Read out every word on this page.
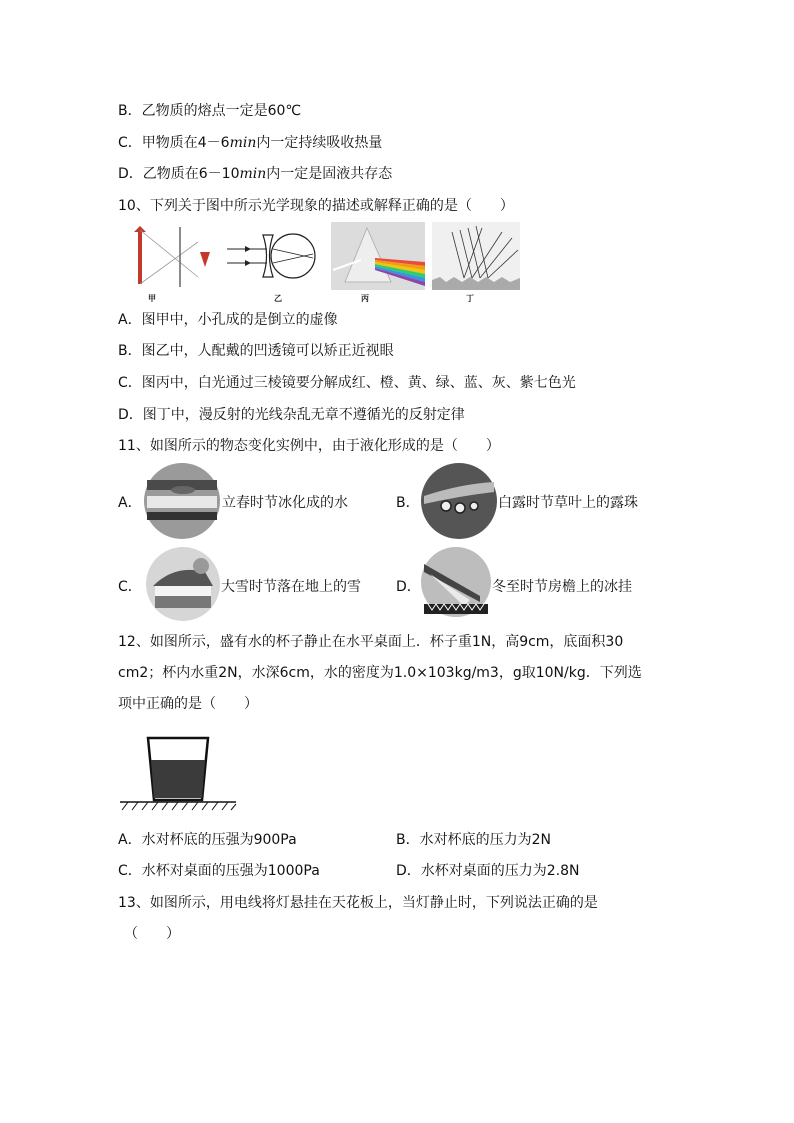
B．乙物质的熔点一定是60℃
C．甲物质在4－6min内一定持续吸收热量
D．乙物质在6－10min内一定是固液共存态
10、下列关于图中所示光学现象的描述或解释正确的是（　　）
甲	乙	丙	丁
A．图甲中，小孔成的是倒立的虚像
B．图乙中，人配戴的凹透镜可以矫正近视眼
C．图丙中，白光通过三棱镜要分解成红、橙、黄、绿、蓝、灰、紫七色光
D．图丁中，漫反射的光线杂乱无章不遵循光的反射定律
11、如图所示的物态变化实例中，由于液化形成的是（　　）
A．	立春时节冰化成的水	B．	白露时节草叶上的露珠
C．	大雪时节落在地上的雪	D．	冬至时节房檐上的冰挂
12、如图所示，盛有水的杯子静止在水平桌面上．杯子重1N，高9cm，底面积30
cm2；杯内水重2N，水深6cm，水的密度为1.0×103kg/m3，g取10N/kg．下列选
项中正确的是（　　）
A．水对杯底的压强为900Pa	B．水对杯底的压力为2N
C．水杯对桌面的压强为1000Pa	D．水杯对桌面的压力为2.8N
13、如图所示，用电线将灯悬挂在天花板上，当灯静止时，下列说法正确的是
（　　）
